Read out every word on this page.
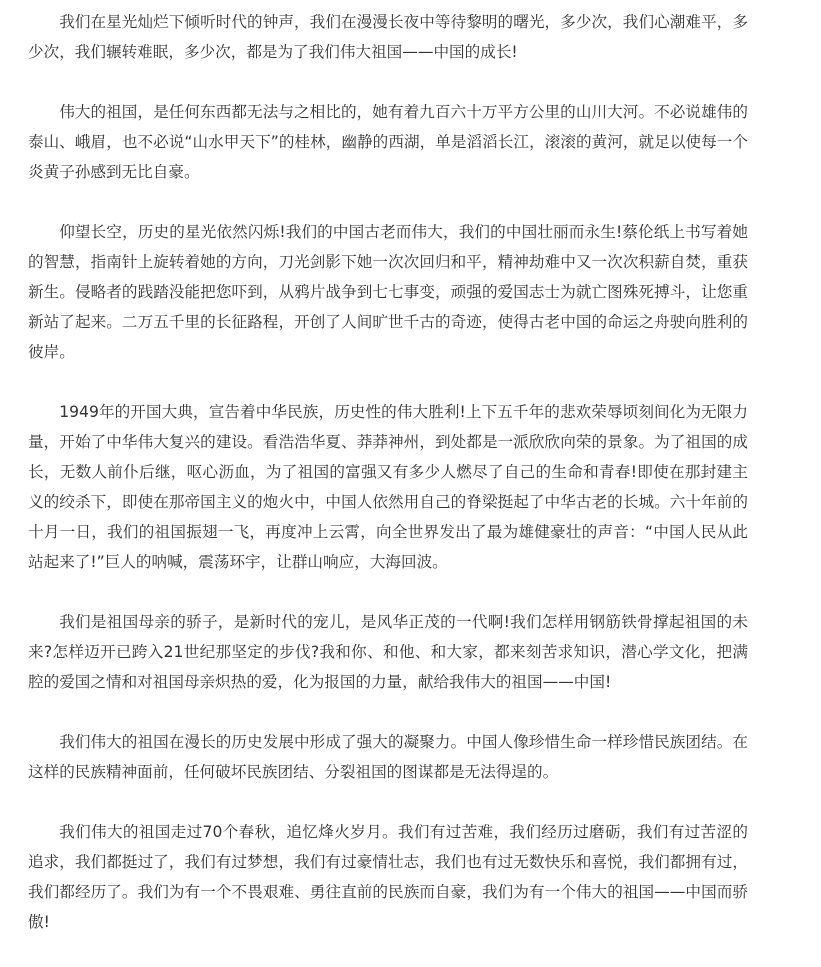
我们在星光灿烂下倾听时代的钟声，我们在漫漫长夜中等待黎明的曙光，多少次，我们心潮难平，多少次，我们辗转难眠，多少次，都是为了我们伟大祖国——中国的成长!

伟大的祖国，是任何东西都无法与之相比的，她有着九百六十万平方公里的山川大河。不必说雄伟的泰山、峨眉，也不必说“山水甲天下”的桂林，幽静的西湖，单是滔滔长江，滚滚的黄河，就足以使每一个炎黄子孙感到无比自豪。

仰望长空，历史的星光依然闪烁!我们的中国古老而伟大，我们的中国壮丽而永生!蔡伦纸上书写着她的智慧，指南针上旋转着她的方向，刀光剑影下她一次次回归和平，精神劫难中又一次次积薪自焚，重获新生。侵略者的践踏没能把您吓到，从鸦片战争到七七事变，顽强的爱国志士为就亡图殊死搏斗，让您重新站了起来。二万五千里的长征路程，开创了人间旷世千古的奇迹，使得古老中国的命运之舟驶向胜利的彼岸。

1949年的开国大典，宣告着中华民族，历史性的伟大胜利!上下五千年的悲欢荣辱顷刻间化为无限力量，开始了中华伟大复兴的建设。看浩浩华夏、莽莽神州，到处都是一派欣欣向荣的景象。为了祖国的成长，无数人前仆后继，呕心沥血，为了祖国的富强又有多少人燃尽了自己的生命和青春!即使在那封建主义的绞杀下，即使在那帝国主义的炮火中，中国人依然用自己的脊梁挺起了中华古老的长城。六十年前的十月一日，我们的祖国振翅一飞，再度冲上云霄，向全世界发出了最为雄健豪壮的声音：“中国人民从此站起来了!”巨人的呐喊，震荡环宇，让群山响应，大海回波。

我们是祖国母亲的骄子，是新时代的宠儿，是风华正茂的一代啊!我们怎样用钢筋铁骨撑起祖国的未来?怎样迈开已跨入21世纪那坚定的步伐?我和你、和他、和大家，都来刻苦求知识，潜心学文化，把满腔的爱国之情和对祖国母亲炽热的爱，化为报国的力量，献给我伟大的祖国——中国!

我们伟大的祖国在漫长的历史发展中形成了强大的凝聚力。中国人像珍惜生命一样珍惜民族团结。在这样的民族精神面前，任何破坏民族团结、分裂祖国的图谋都是无法得逞的。

我们伟大的祖国走过70个春秋，追忆烽火岁月。我们有过苦难，我们经历过磨砺，我们有过苦涩的追求，我们都挺过了，我们有过梦想，我们有过豪情壮志，我们也有过无数快乐和喜悦，我们都拥有过，我们都经历了。我们为有一个不畏艰难、勇往直前的民族而自豪，我们为有一个伟大的祖国——中国而骄傲!
